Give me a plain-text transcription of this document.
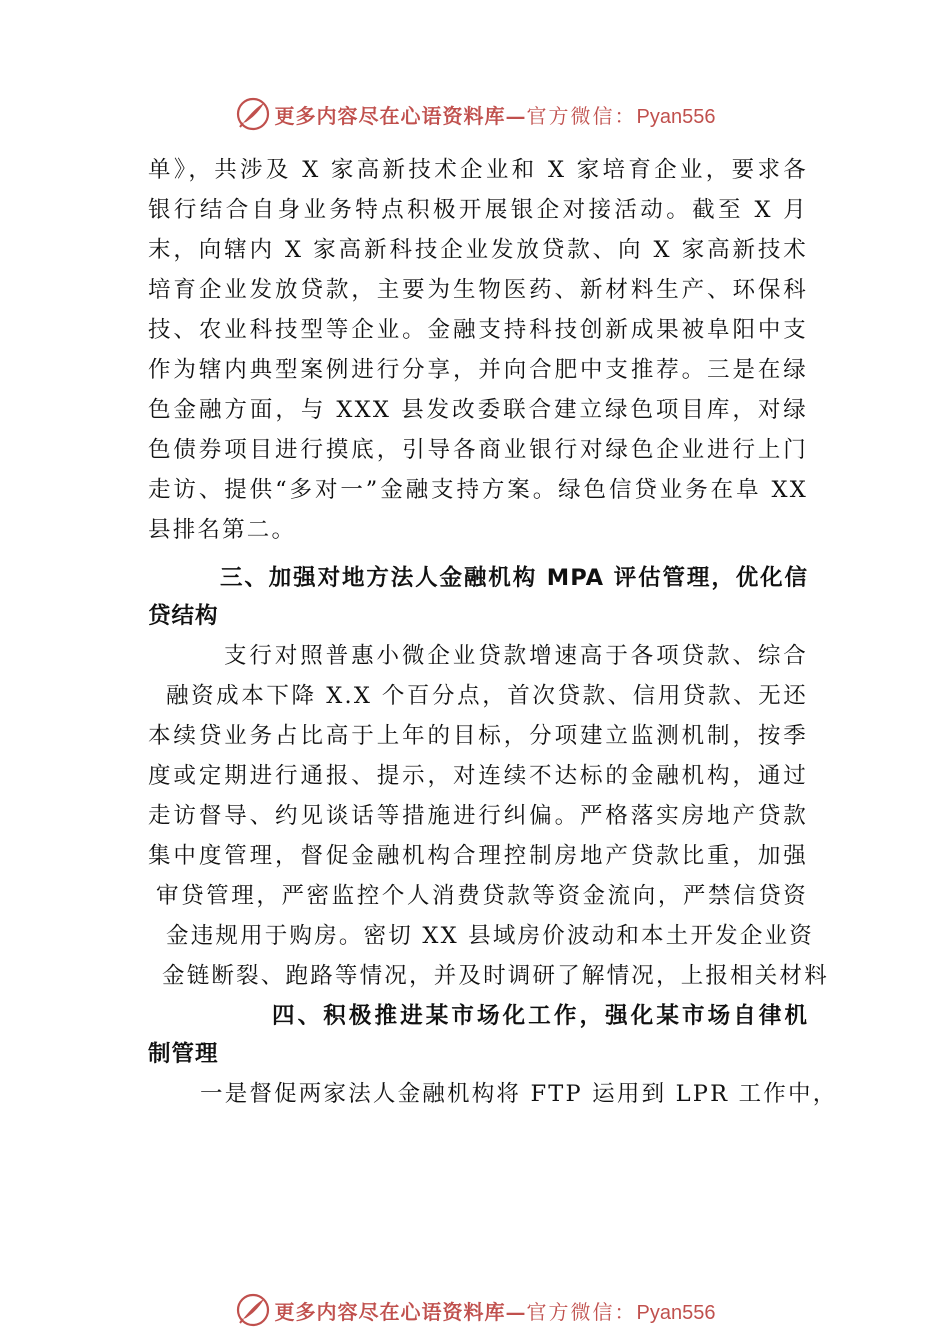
更多内容尽在心语资料库—官方微信：Pyan556
单》，共涉及 X 家高新技术企业和 X 家培育企业，要求各
银行结合自身业务特点积极开展银企对接活动。截至 X 月
末，向辖内 X 家高新科技企业发放贷款、向 X 家高新技术
培育企业发放贷款，主要为生物医药、新材料生产、环保科
技、农业科技型等企业。金融支持科技创新成果被阜阳中支
作为辖内典型案例进行分享，并向合肥中支推荐。三是在绿
色金融方面，与 XXX 县发改委联合建立绿色项目库，对绿
色债券项目进行摸底，引导各商业银行对绿色企业进行上门
走访、提供“多对一”金融支持方案。绿色信贷业务在阜 XX
县排名第二。
三、加强对地方法人金融机构 MPA 评估管理，优化信
贷结构
支行对照普惠小微企业贷款增速高于各项贷款、综合
融资成本下降 X.X 个百分点，首次贷款、信用贷款、无还
本续贷业务占比高于上年的目标，分项建立监测机制，按季
度或定期进行通报、提示，对连续不达标的金融机构，通过
走访督导、约见谈话等措施进行纠偏。严格落实房地产贷款
集中度管理，督促金融机构合理控制房地产贷款比重，加强
审贷管理，严密监控个人消费贷款等资金流向，严禁信贷资
金违规用于购房。密切 XX 县域房价波动和本土开发企业资
金链断裂、跑路等情况，并及时调研了解情况，上报相关材料
四、积极推进某市场化工作，强化某市场自律机
制管理
一是督促两家法人金融机构将 FTP 运用到 LPR 工作中，
更多内容尽在心语资料库—官方微信：Pyan556
